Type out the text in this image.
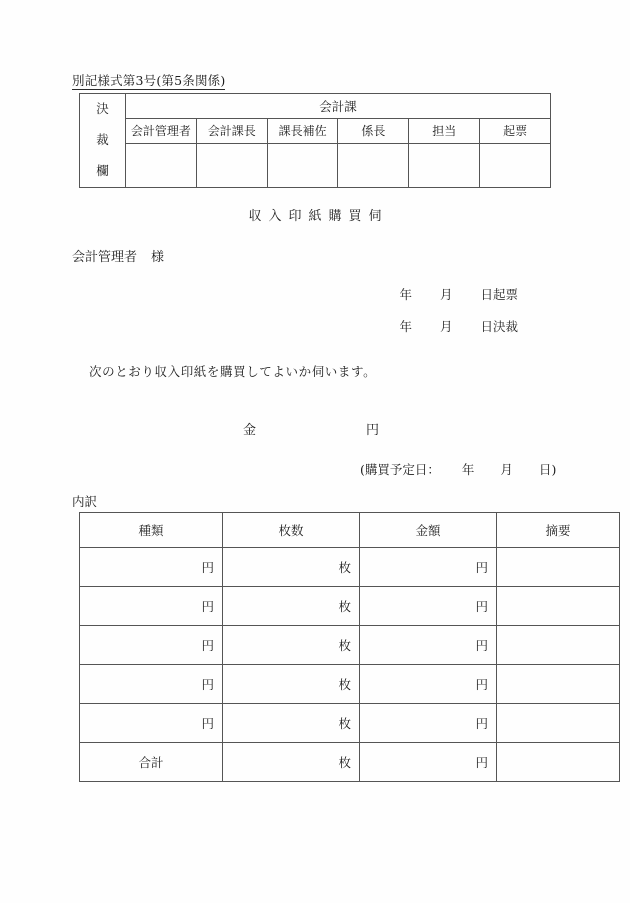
別記様式第3号(第5条関係)
決
裁
欄	会計課					
	会計管理者	会計課長	課長補佐	係長	担当	起票

収入印紙購買伺
会計管理者 様
年 月 日起票
年 月 日決裁
次のとおり収入印紙を購買してよいか伺います。
金	円
(購買予定日： 年 月 日)
内訳
種類	枚数	金額	摘要
円	枚	円	
円	枚	円	
円	枚	円	
円	枚	円	
円	枚	円	
合計	枚	円	
